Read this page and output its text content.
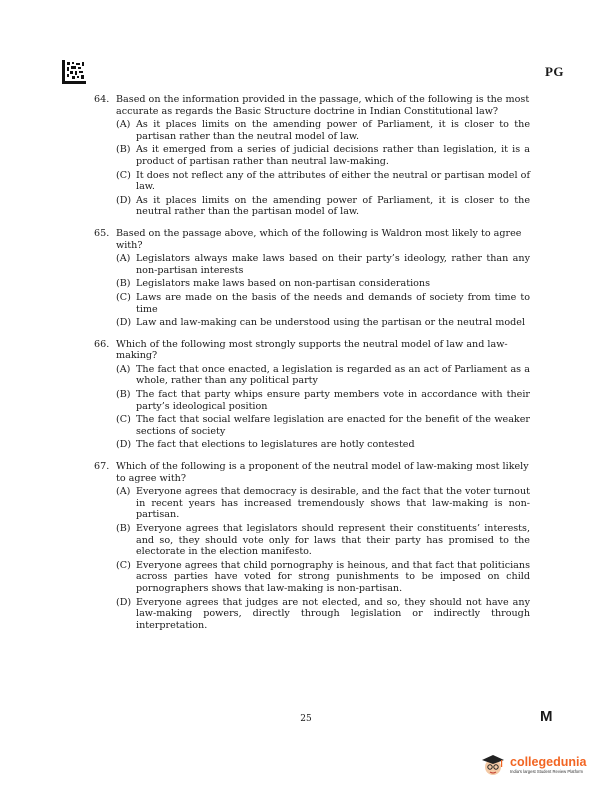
PG
64. Based on the information provided in the passage, which of the following is the most accurate as regards the Basic Structure doctrine in Indian Constitutional law?
(A) As it places limits on the amending power of Parliament, it is closer to the partisan rather than the neutral model of law.
(B) As it emerged from a series of judicial decisions rather than legislation, it is a product of partisan rather than neutral law-making.
(C) It does not reflect any of the attributes of either the neutral or partisan model of law.
(D) As it places limits on the amending power of Parliament, it is closer to the neutral rather than the partisan model of law.
65. Based on the passage above, which of the following is Waldron most likely to agree with?
(A) Legislators always make laws based on their party’s ideology, rather than any non-partisan interests
(B) Legislators make laws based on non-partisan considerations
(C) Laws are made on the basis of the needs and demands of society from time to time
(D) Law and law-making can be understood using the partisan or the neutral model
66. Which of the following most strongly supports the neutral model of law and law-making?
(A) The fact that once enacted, a legislation is regarded as an act of Parliament as a whole, rather than any political party
(B) The fact that party whips ensure party members vote in accordance with their party’s ideological position
(C) The fact that social welfare legislation are enacted for the benefit of the weaker sections of society
(D) The fact that elections to legislatures are hotly contested
67. Which of the following is a proponent of the neutral model of law-making most likely to agree with?
(A) Everyone agrees that democracy is desirable, and the fact that the voter turnout in recent years has increased tremendously shows that law-making is non-partisan.
(B) Everyone agrees that legislators should represent their constituents’ interests, and so, they should vote only for laws that their party has promised to the electorate in the election manifesto.
(C) Everyone agrees that child pornography is heinous, and that fact that politicians across parties have voted for strong punishments to be imposed on child pornographers shows that law-making is non-partisan.
(D) Everyone agrees that judges are not elected, and so, they should not have any law-making powers, directly through legislation or indirectly through interpretation.
25	M
collegedunia
India's largest Student Review Platform
